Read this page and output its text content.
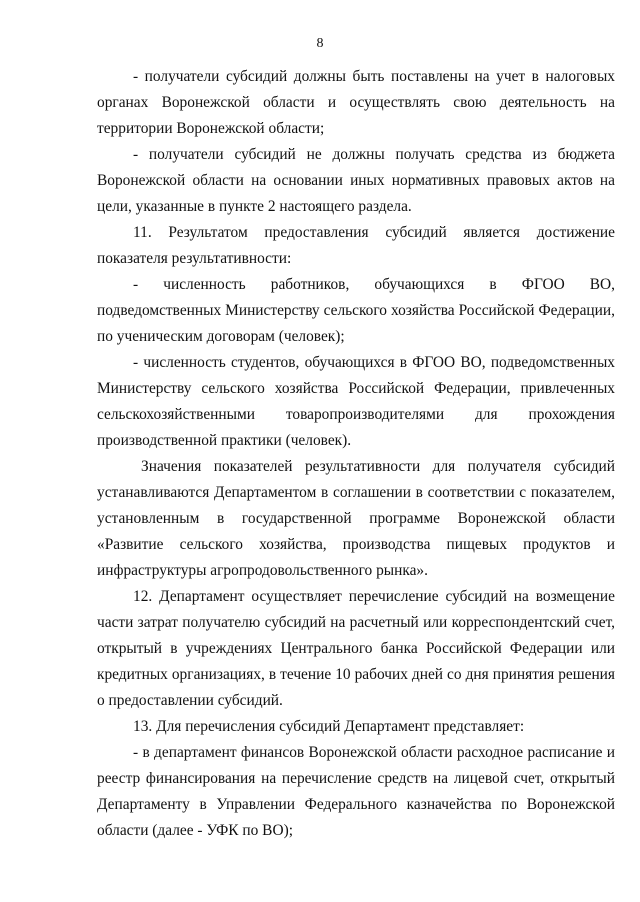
8

- получатели субсидий должны быть поставлены на учет в налоговых органах Воронежской области и осуществлять свою деятельность на территории Воронежской области;

- получатели субсидий не должны получать средства из бюджета Воронежской области на основании иных нормативных правовых актов на цели, указанные в пункте 2 настоящего раздела.

11. Результатом предоставления субсидий является достижение показателя результативности:

- численность работников, обучающихся в ФГОО ВО, подведомственных Министерству сельского хозяйства Российской Федерации, по ученическим договорам (человек);

- численность студентов, обучающихся в ФГОО ВО, подведомственных Министерству сельского хозяйства Российской Федерации, привлеченных сельскохозяйственными товаропроизводителями для прохождения производственной практики (человек).

Значения показателей результативности для получателя субсидий устанавливаются Департаментом в соглашении в соответствии с показателем, установленным в государственной программе Воронежской области «Развитие сельского хозяйства, производства пищевых продуктов и инфраструктуры агропродовольственного рынка».

12. Департамент осуществляет перечисление субсидий на возмещение части затрат получателю субсидий на расчетный или корреспондентский счет, открытый в учреждениях Центрального банка Российской Федерации или кредитных организациях, в течение 10 рабочих дней со дня принятия решения о предоставлении субсидий.

13. Для перечисления субсидий Департамент представляет:

- в департамент финансов Воронежской области расходное расписание и реестр финансирования на перечисление средств на лицевой счет, открытый Департаменту в Управлении Федерального казначейства по Воронежской области (далее - УФК по ВО);
